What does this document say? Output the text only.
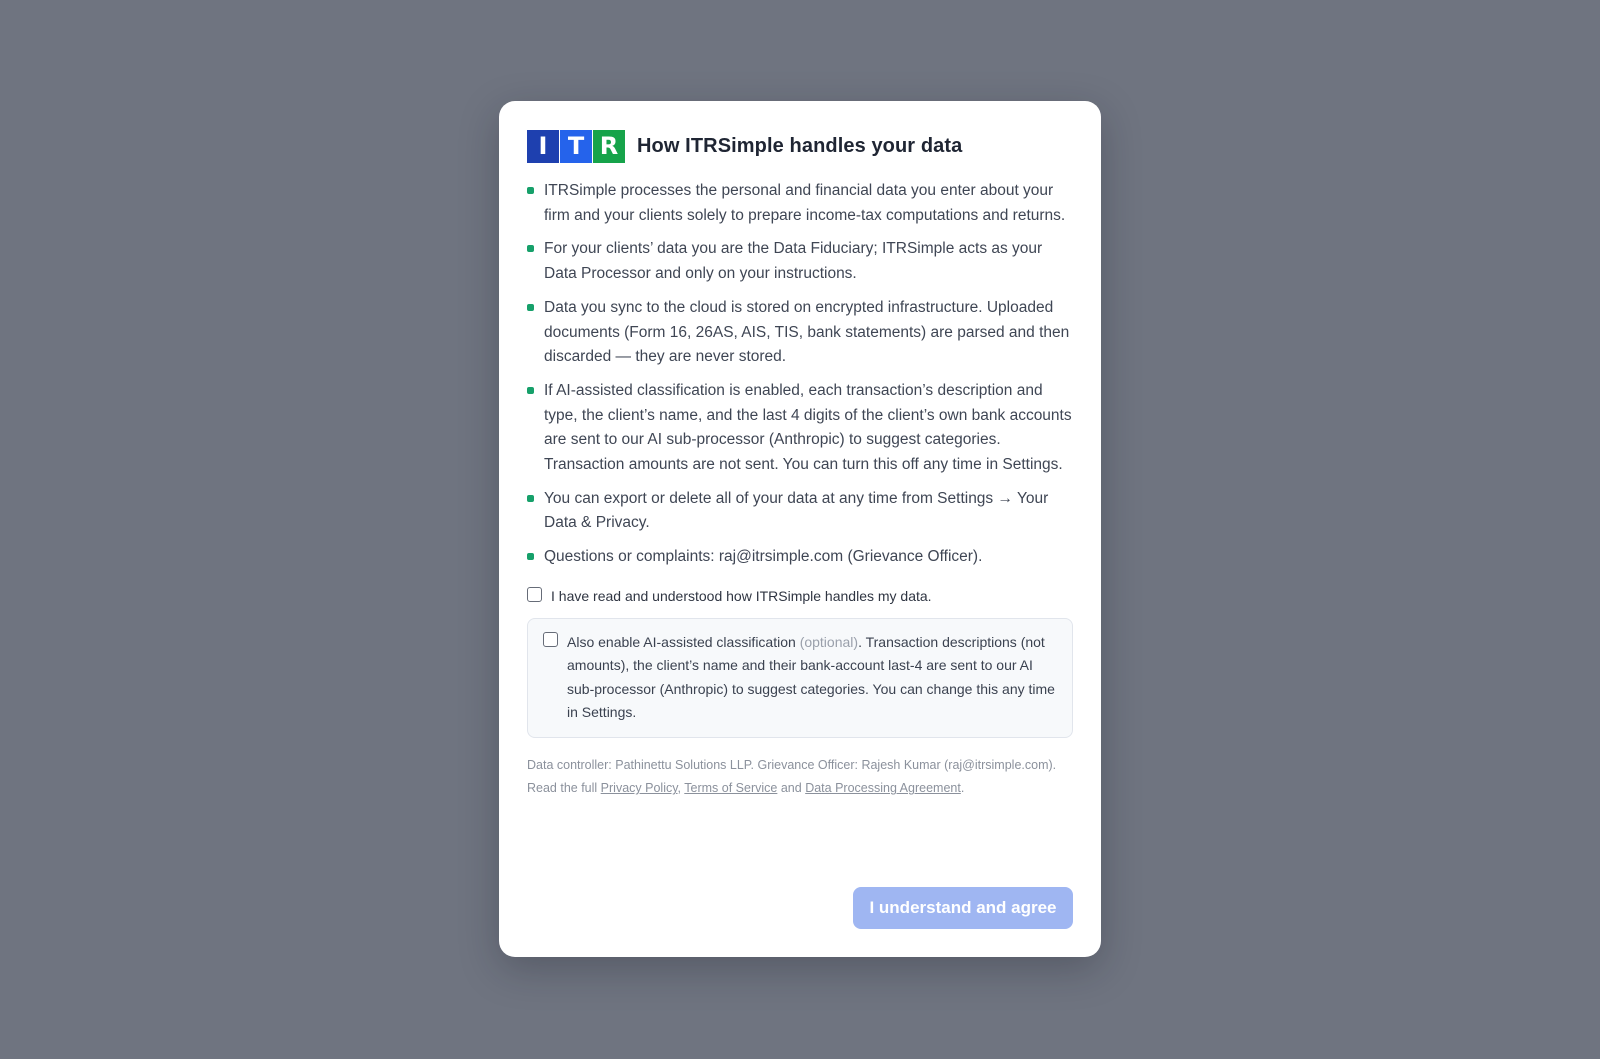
I T R How ITRSimple handles your data
ITRSimple processes the personal and financial data you enter about your firm and your clients solely to prepare income-tax computations and returns.
For your clients’ data you are the Data Fiduciary; ITRSimple acts as your Data Processor and only on your instructions.
Data you sync to the cloud is stored on encrypted infrastructure. Uploaded documents (Form 16, 26AS, AIS, TIS, bank statements) are parsed and then discarded — they are never stored.
If AI-assisted classification is enabled, each transaction’s description and type, the client’s name, and the last 4 digits of the client’s own bank accounts are sent to our AI sub-processor (Anthropic) to suggest categories. Transaction amounts are not sent. You can turn this off any time in Settings.
You can export or delete all of your data at any time from Settings → Your Data & Privacy.
Questions or complaints: raj@itrsimple.com (Grievance Officer).
I have read and understood how ITRSimple handles my data.
Also enable AI-assisted classification (optional). Transaction descriptions (not amounts), the client’s name and their bank-account last-4 are sent to our AI sub-processor (Anthropic) to suggest categories. You can change this any time in Settings.

Data controller: Pathinettu Solutions LLP. Grievance Officer: Rajesh Kumar (raj@itrsimple.com). Read the full Privacy Policy, Terms of Service and Data Processing Agreement.

I understand and agree
